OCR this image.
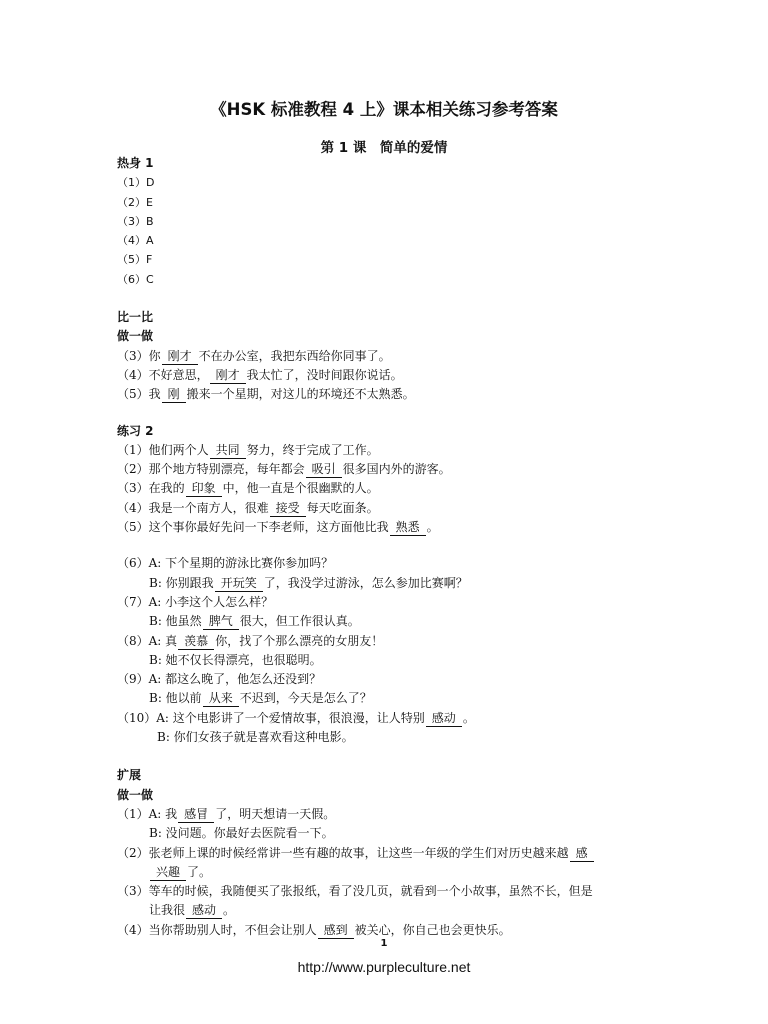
《HSK 标准教程 4 上》课本相关练习参考答案
第 1 课　简单的爱情
热身 1
（1）D
（2）E
（3）B
（4）A
（5）F
（6）C
比一比
做一做
（3）你 刚才 不在办公室，我把东西给你同事了。
（4）不好意思， 刚才 我太忙了，没时间跟你说话。
（5）我 刚 搬来一个星期，对这儿的环境还不太熟悉。
练习 2
（1）他们两个人 共同 努力，终于完成了工作。
（2）那个地方特别漂亮，每年都会 吸引 很多国内外的游客。
（3）在我的 印象 中，他一直是个很幽默的人。
（4）我是一个南方人，很难 接受 每天吃面条。
（5）这个事你最好先问一下李老师，这方面他比我 熟悉 。
（6）A: 下个星期的游泳比赛你参加吗？
B: 你别跟我 开玩笑 了，我没学过游泳，怎么参加比赛啊？
（7）A: 小李这个人怎么样？
B: 他虽然 脾气 很大，但工作很认真。
（8）A: 真 羡慕 你，找了个那么漂亮的女朋友！
B: 她不仅长得漂亮，也很聪明。
（9）A: 都这么晚了，他怎么还没到？
B: 他以前 从来 不迟到，今天是怎么了？
（10）A: 这个电影讲了一个爱情故事，很浪漫，让人特别 感动 。
B: 你们女孩子就是喜欢看这种电影。
扩展
做一做
（1）A: 我 感冒 了，明天想请一天假。
B: 没问题。你最好去医院看一下。
（2）张老师上课的时候经常讲一些有趣的故事，让这些一年级的学生们对历史越来越 感
兴趣 了。
（3）等车的时候，我随便买了张报纸，看了没几页，就看到一个小故事，虽然不长，但是
让我很 感动 。
（4）当你帮助别人时，不但会让别人 感到 被关心，你自己也会更快乐。
1
http://www.purpleculture.net
